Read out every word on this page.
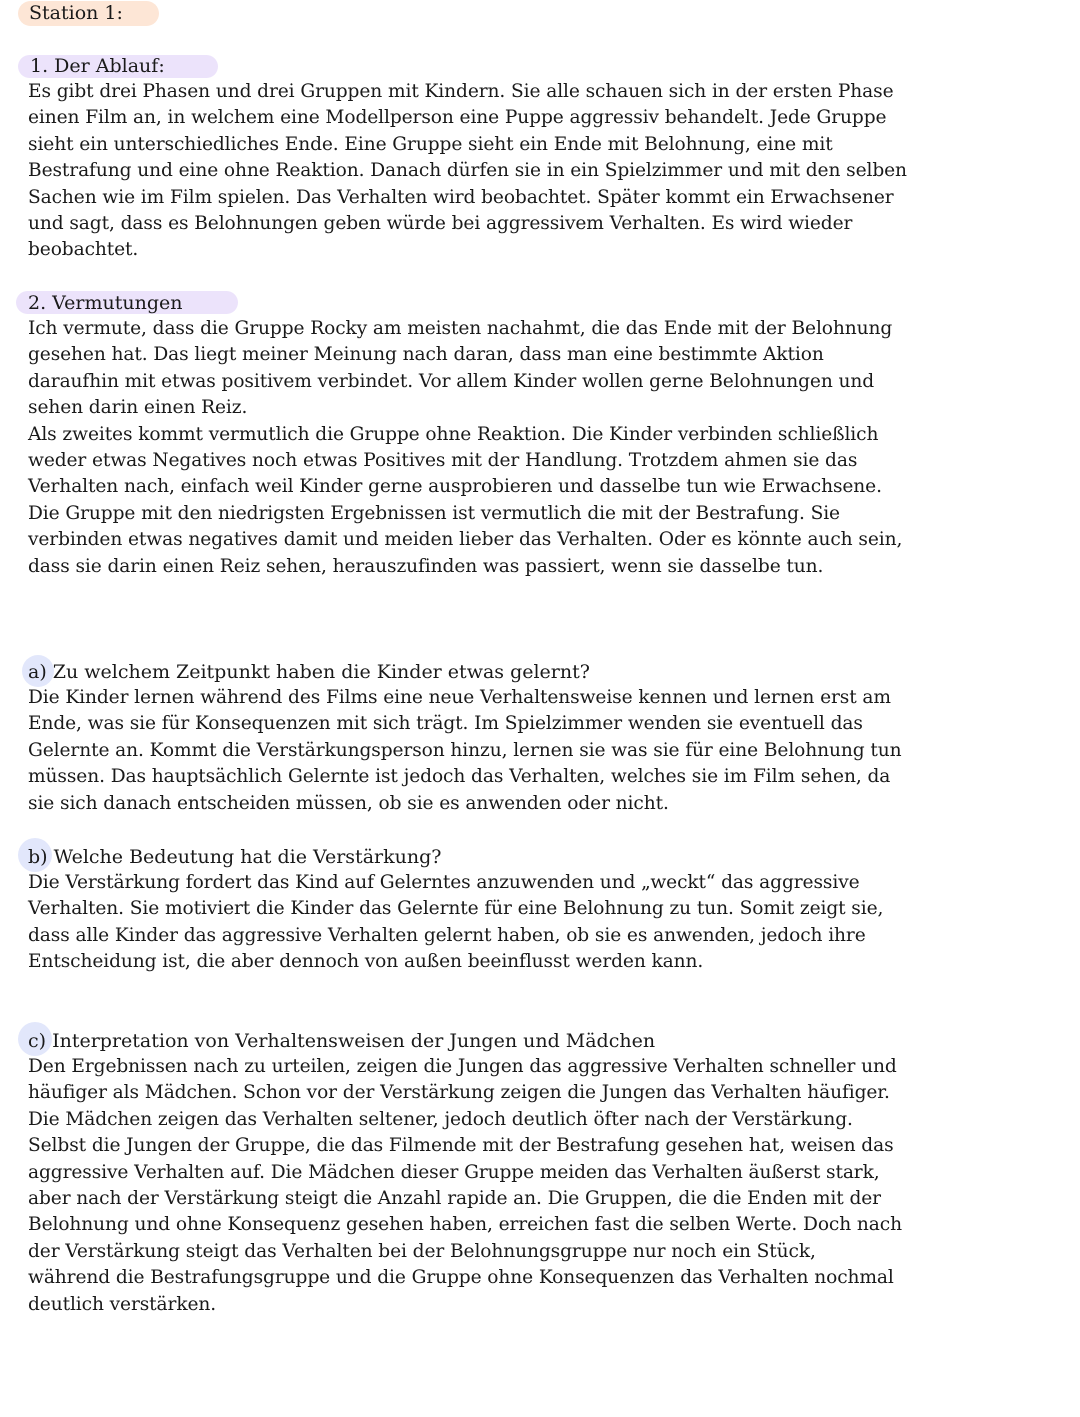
Station 1:
1. Der Ablauf:

Es gibt drei Phasen und drei Gruppen mit Kindern. Sie alle schauen sich in der ersten Phase
einen Film an, in welchem eine Modellperson eine Puppe aggressiv behandelt. Jede Gruppe
sieht ein unterschiedliches Ende. Eine Gruppe sieht ein Ende mit Belohnung, eine mit
Bestrafung und eine ohne Reaktion. Danach dürfen sie in ein Spielzimmer und mit den selben
Sachen wie im Film spielen. Das Verhalten wird beobachtet. Später kommt ein Erwachsener
und sagt, dass es Belohnungen geben würde bei aggressivem Verhalten. Es wird wieder
beobachtet.

2. Vermutungen

Ich vermute, dass die Gruppe Rocky am meisten nachahmt, die das Ende mit der Belohnung
gesehen hat. Das liegt meiner Meinung nach daran, dass man eine bestimmte Aktion
daraufhin mit etwas positivem verbindet. Vor allem Kinder wollen gerne Belohnungen und
sehen darin einen Reiz.
Als zweites kommt vermutlich die Gruppe ohne Reaktion. Die Kinder verbinden schließlich
weder etwas Negatives noch etwas Positives mit der Handlung. Trotzdem ahmen sie das
Verhalten nach, einfach weil Kinder gerne ausprobieren und dasselbe tun wie Erwachsene.
Die Gruppe mit den niedrigsten Ergebnissen ist vermutlich die mit der Bestrafung. Sie
verbinden etwas negatives damit und meiden lieber das Verhalten. Oder es könnte auch sein,
dass sie darin einen Reiz sehen, herauszufinden was passiert, wenn sie dasselbe tun.

a) Zu welchem Zeitpunkt haben die Kinder etwas gelernt?

Die Kinder lernen während des Films eine neue Verhaltensweise kennen und lernen erst am
Ende, was sie für Konsequenzen mit sich trägt. Im Spielzimmer wenden sie eventuell das
Gelernte an. Kommt die Verstärkungsperson hinzu, lernen sie was sie für eine Belohnung tun
müssen. Das hauptsächlich Gelernte ist jedoch das Verhalten, welches sie im Film sehen, da
sie sich danach entscheiden müssen, ob sie es anwenden oder nicht.

b) Welche Bedeutung hat die Verstärkung?

Die Verstärkung fordert das Kind auf Gelerntes anzuwenden und „weckt“ das aggressive
Verhalten. Sie motiviert die Kinder das Gelernte für eine Belohnung zu tun. Somit zeigt sie,
dass alle Kinder das aggressive Verhalten gelernt haben, ob sie es anwenden, jedoch ihre
Entscheidung ist, die aber dennoch von außen beeinflusst werden kann.

c) Interpretation von Verhaltensweisen der Jungen und Mädchen

Den Ergebnissen nach zu urteilen, zeigen die Jungen das aggressive Verhalten schneller und
häufiger als Mädchen. Schon vor der Verstärkung zeigen die Jungen das Verhalten häufiger.
Die Mädchen zeigen das Verhalten seltener, jedoch deutlich öfter nach der Verstärkung.
Selbst die Jungen der Gruppe, die das Filmende mit der Bestrafung gesehen hat, weisen das
aggressive Verhalten auf. Die Mädchen dieser Gruppe meiden das Verhalten äußerst stark,
aber nach der Verstärkung steigt die Anzahl rapide an. Die Gruppen, die die Enden mit der
Belohnung und ohne Konsequenz gesehen haben, erreichen fast die selben Werte. Doch nach
der Verstärkung steigt das Verhalten bei der Belohnungsgruppe nur noch ein Stück,
während die Bestrafungsgruppe und die Gruppe ohne Konsequenzen das Verhalten nochmal
deutlich verstärken.
